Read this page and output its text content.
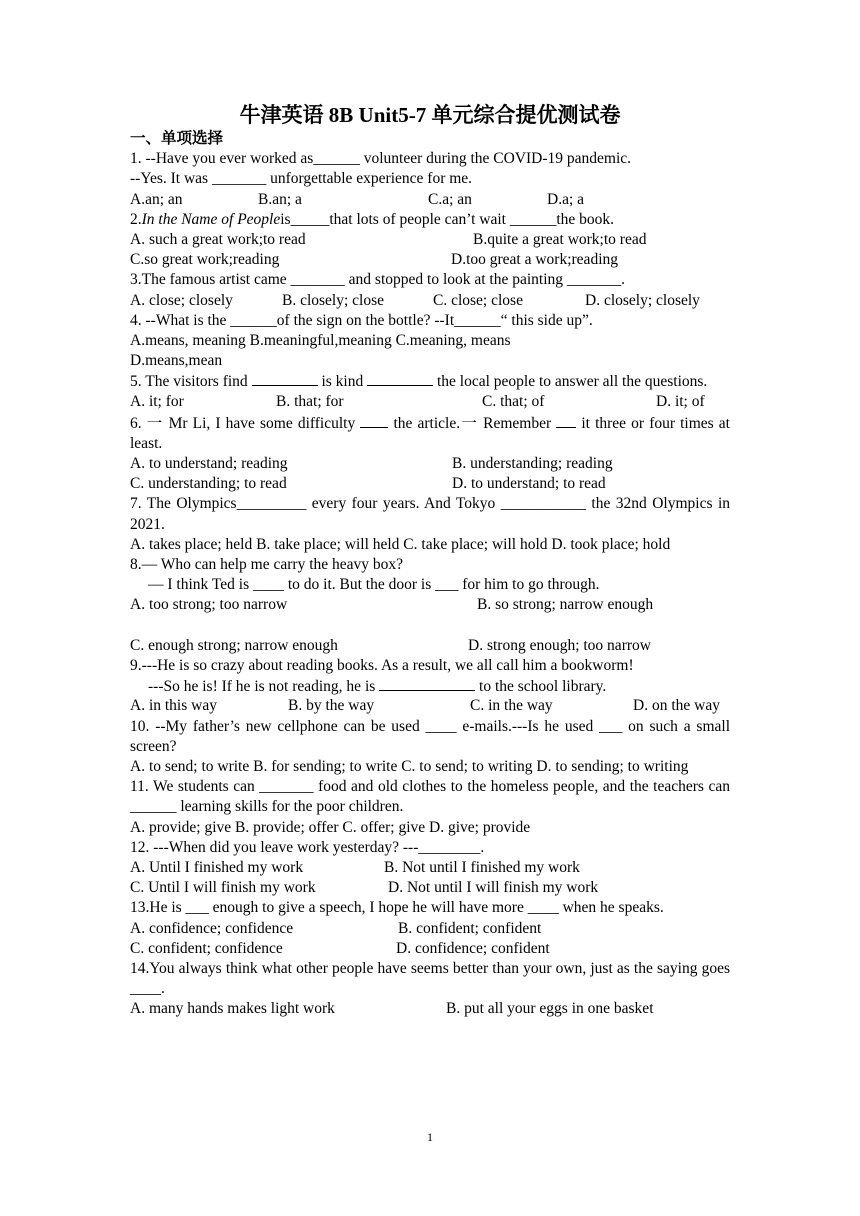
牛津英语 8B Unit5-7 单元综合提优测试卷
一、单项选择
1. --Have you ever worked as______ volunteer during the COVID-19 pandemic.
--Yes. It was _______ unforgettable experience for me.
A.an; an	B.an; a	C.a; an	D.a; a
2.In the Name of Peopleis_____that lots of people can’t wait ______the book.
A. such a great work;to read	B.quite a great work;to read
C.so great work;reading	D.too great a work;reading
3.The famous artist came _______ and stopped to look at the painting _______.
A. close; closely	B. closely; close	C. close; close	D. closely; closely
4. --What is the ______of the sign on the bottle? --It______“ this side up”.
A.means, meaning B.meaningful,meaning C.meaning, means
D.means,mean
5. The visitors find	is kind	the local people to answer all the questions.
A. it; for	B. that; for	C. that; of	D. it; of
6. 一 Mr Li, I have some difficulty  the article.一 Remember  it three or four times at least.
A. to understand; reading	B. understanding; reading
C. understanding; to read	D. to understand; to read
7. The Olympics_________ every four years. And Tokyo ___________ the 32nd Olympics in 2021.
A. takes place; held B. take place; will held C. take place; will hold D. took place; hold
8.— Who can help me carry the heavy box?
— I think Ted is ____ to do it. But the door is ___ for him to go through.
A. too strong; too narrow	B. so strong; narrow enough
C. enough strong; narrow enough	D. strong enough; too narrow
9.---He is so crazy about reading books. As a result, we all call him a bookworm!
---So he is! If he is not reading, he is	to the school library.
A. in this way	B. by the way	C. in the way	D. on the way
10. --My father’s new cellphone can be used ____ e-mails.---Is he used ___ on such a small screen?
A. to send; to write B. for sending; to write C. to send; to writing D. to sending; to writing
11. We students can _______ food and old clothes to the homeless people, and the teachers can ______ learning skills for the poor children.
A. provide; give B. provide; offer C. offer; give D. give; provide
12. ---When did you leave work yesterday? ---________.
A. Until I finished my work	B. Not until I finished my work
C. Until I will finish my work	D. Not until I will finish my work
13.He is ___ enough to give a speech, I hope he will have more ____ when he speaks.
A. confidence; confidence	B. confident; confident
C. confident; confidence	D. confidence; confident
14.You always think what other people have seems better than your own, just as the saying goes ____.
A. many hands makes light work	B. put all your eggs in one basket
1
